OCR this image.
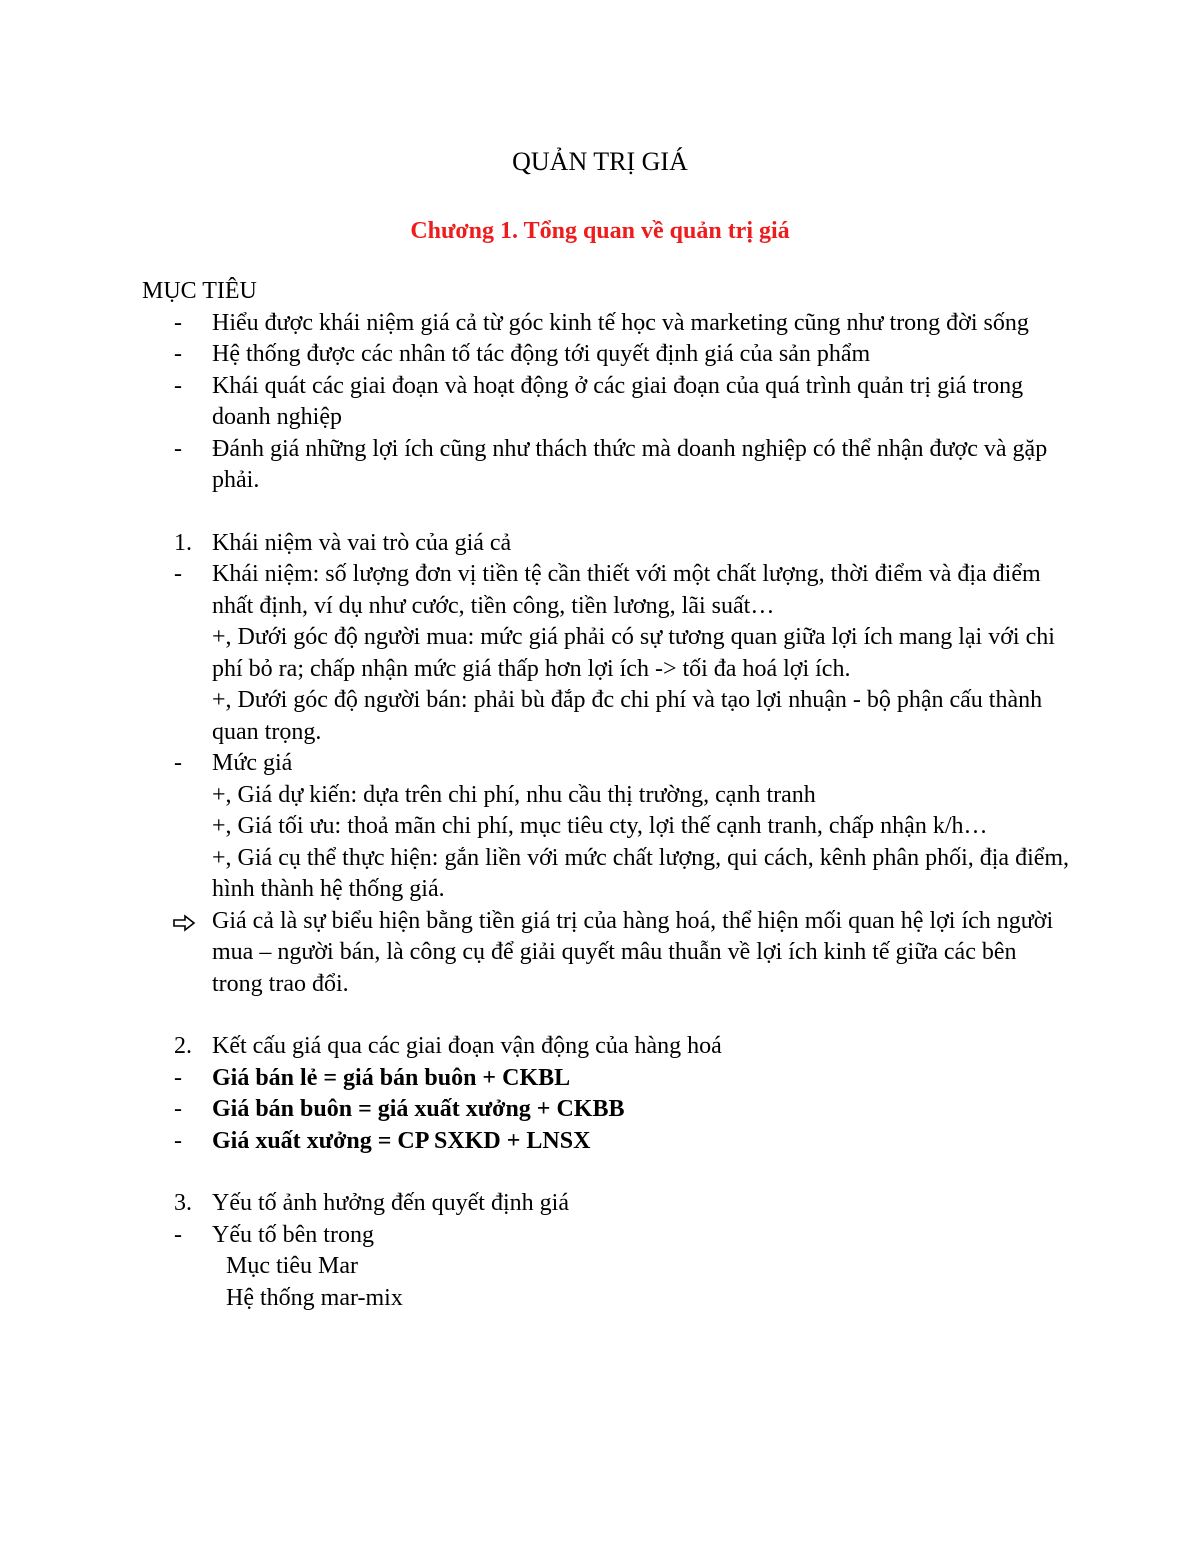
QUẢN TRỊ GIÁ
Chương 1. Tổng quan về quản trị giá
MỤC TIÊU
-	Hiểu được khái niệm giá cả từ góc kinh tế học và marketing cũng như trong đời sống
-	Hệ thống được các nhân tố tác động tới quyết định giá của sản phẩm
-	Khái quát các giai đoạn và hoạt động ở các giai đoạn của quá trình quản trị giá trong doanh nghiệp
-	Đánh giá những lợi ích cũng như thách thức mà doanh nghiệp có thể nhận được và gặp phải.
1. Khái niệm và vai trò của giá cả
-	Khái niệm: số lượng đơn vị tiền tệ cần thiết với một chất lượng, thời điểm và địa điểm nhất định, ví dụ như cước, tiền công, tiền lương, lãi suất…
+, Dưới góc độ người mua: mức giá phải có sự tương quan giữa lợi ích mang lại với chi phí bỏ ra; chấp nhận mức giá thấp hơn lợi ích -> tối đa hoá lợi ích.
+, Dưới góc độ người bán: phải bù đắp đc chi phí và tạo lợi nhuận - bộ phận cấu thành quan trọng.
-	Mức giá
+, Giá dự kiến: dựa trên chi phí, nhu cầu thị trường, cạnh tranh
+, Giá tối ưu: thoả mãn chi phí, mục tiêu cty, lợi thế cạnh tranh, chấp nhận k/h…
+, Giá cụ thể thực hiện: gắn liền với mức chất lượng, qui cách, kênh phân phối, địa điểm, hình thành hệ thống giá.
Giá cả là sự biểu hiện bằng tiền giá trị của hàng hoá, thể hiện mối quan hệ lợi ích người mua – người bán, là công cụ để giải quyết mâu thuẫn về lợi ích kinh tế giữa các bên trong trao đổi.
2. Kết cấu giá qua các giai đoạn vận động của hàng hoá
-	Giá bán lẻ = giá bán buôn + CKBL
-	Giá bán buôn = giá xuất xưởng + CKBB
-	Giá xuất xưởng = CP SXKD + LNSX
3. Yếu tố ảnh hưởng đến quyết định giá
-	Yếu tố bên trong
Mục tiêu Mar
Hệ thống mar-mix
